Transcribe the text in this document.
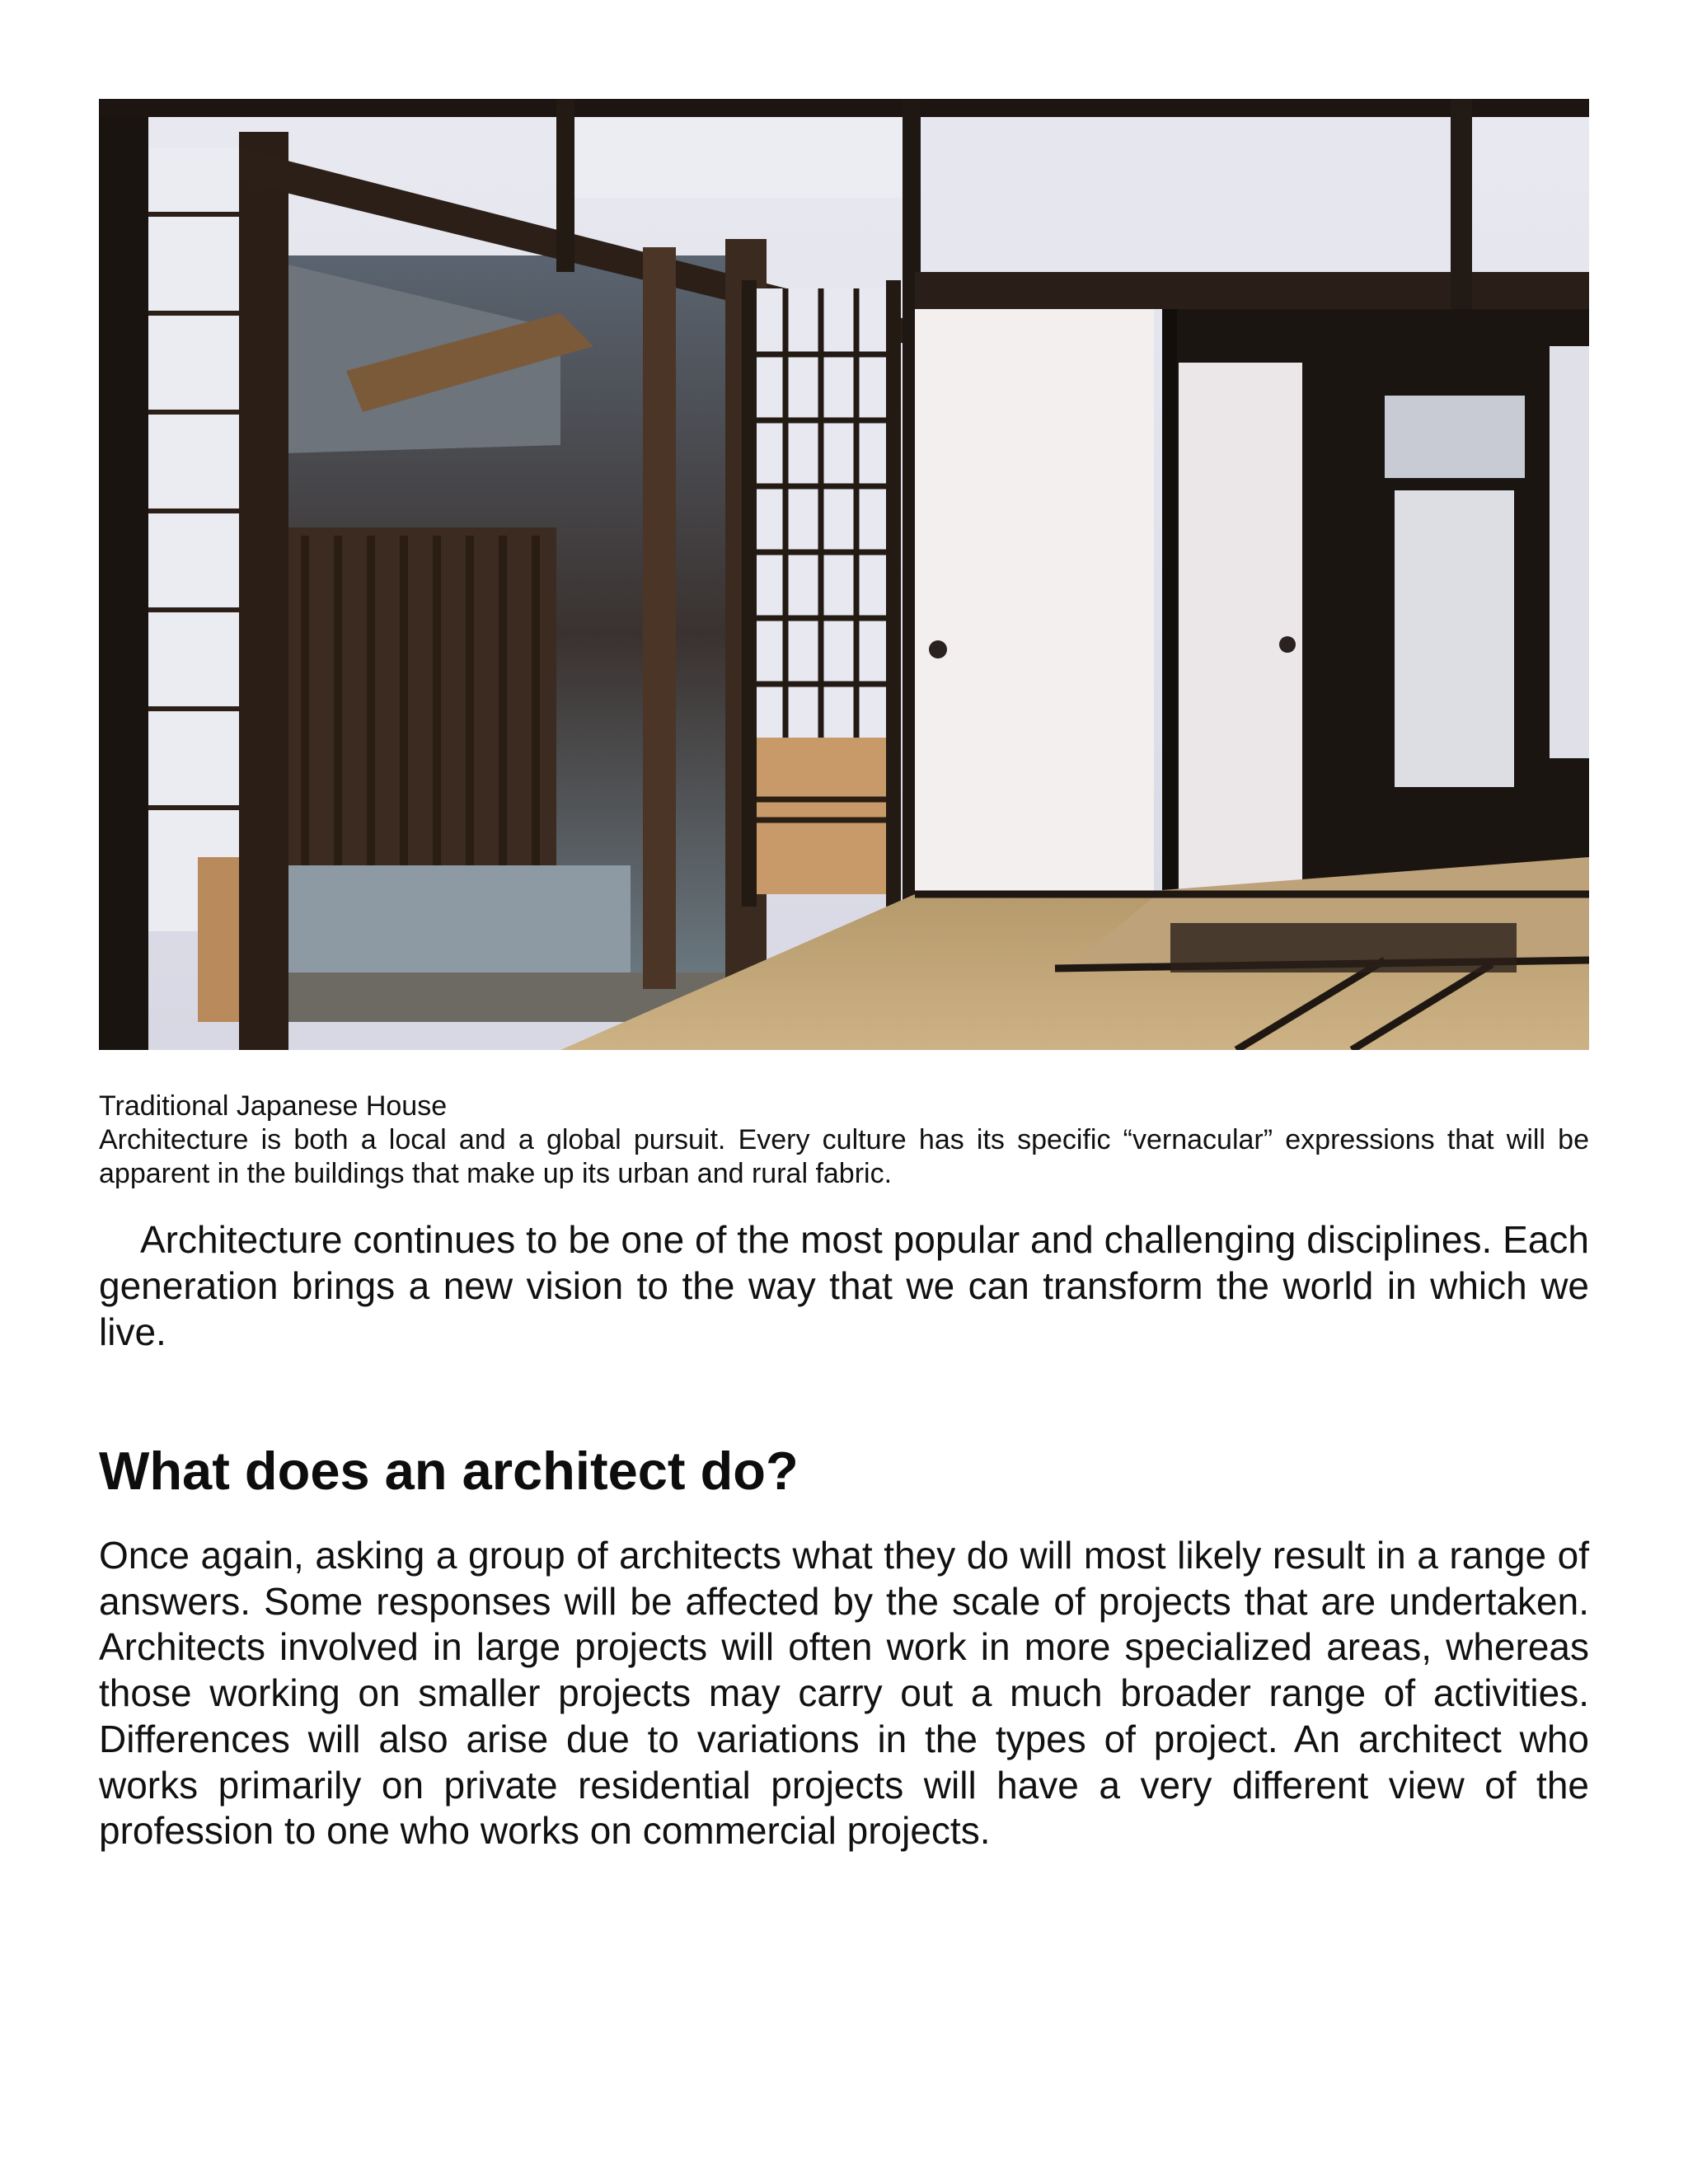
Traditional Japanese House
Architecture is both a local and a global pursuit. Every culture has its specific “vernacular” expressions that will be apparent in the buildings that make up its urban and rural fabric.

Architecture continues to be one of the most popular and challenging disciplines. Each generation brings a new vision to the way that we can transform the world in which we live.

What does an architect do?

Once again, asking a group of architects what they do will most likely result in a range of answers. Some responses will be affected by the scale of projects that are undertaken. Architects involved in large projects will often work in more specialized areas, whereas those working on smaller projects may carry out a much broader range of activities. Differences will also arise due to variations in the types of project. An architect who works primarily on private residential projects will have a very different view of the profession to one who works on commercial projects.
